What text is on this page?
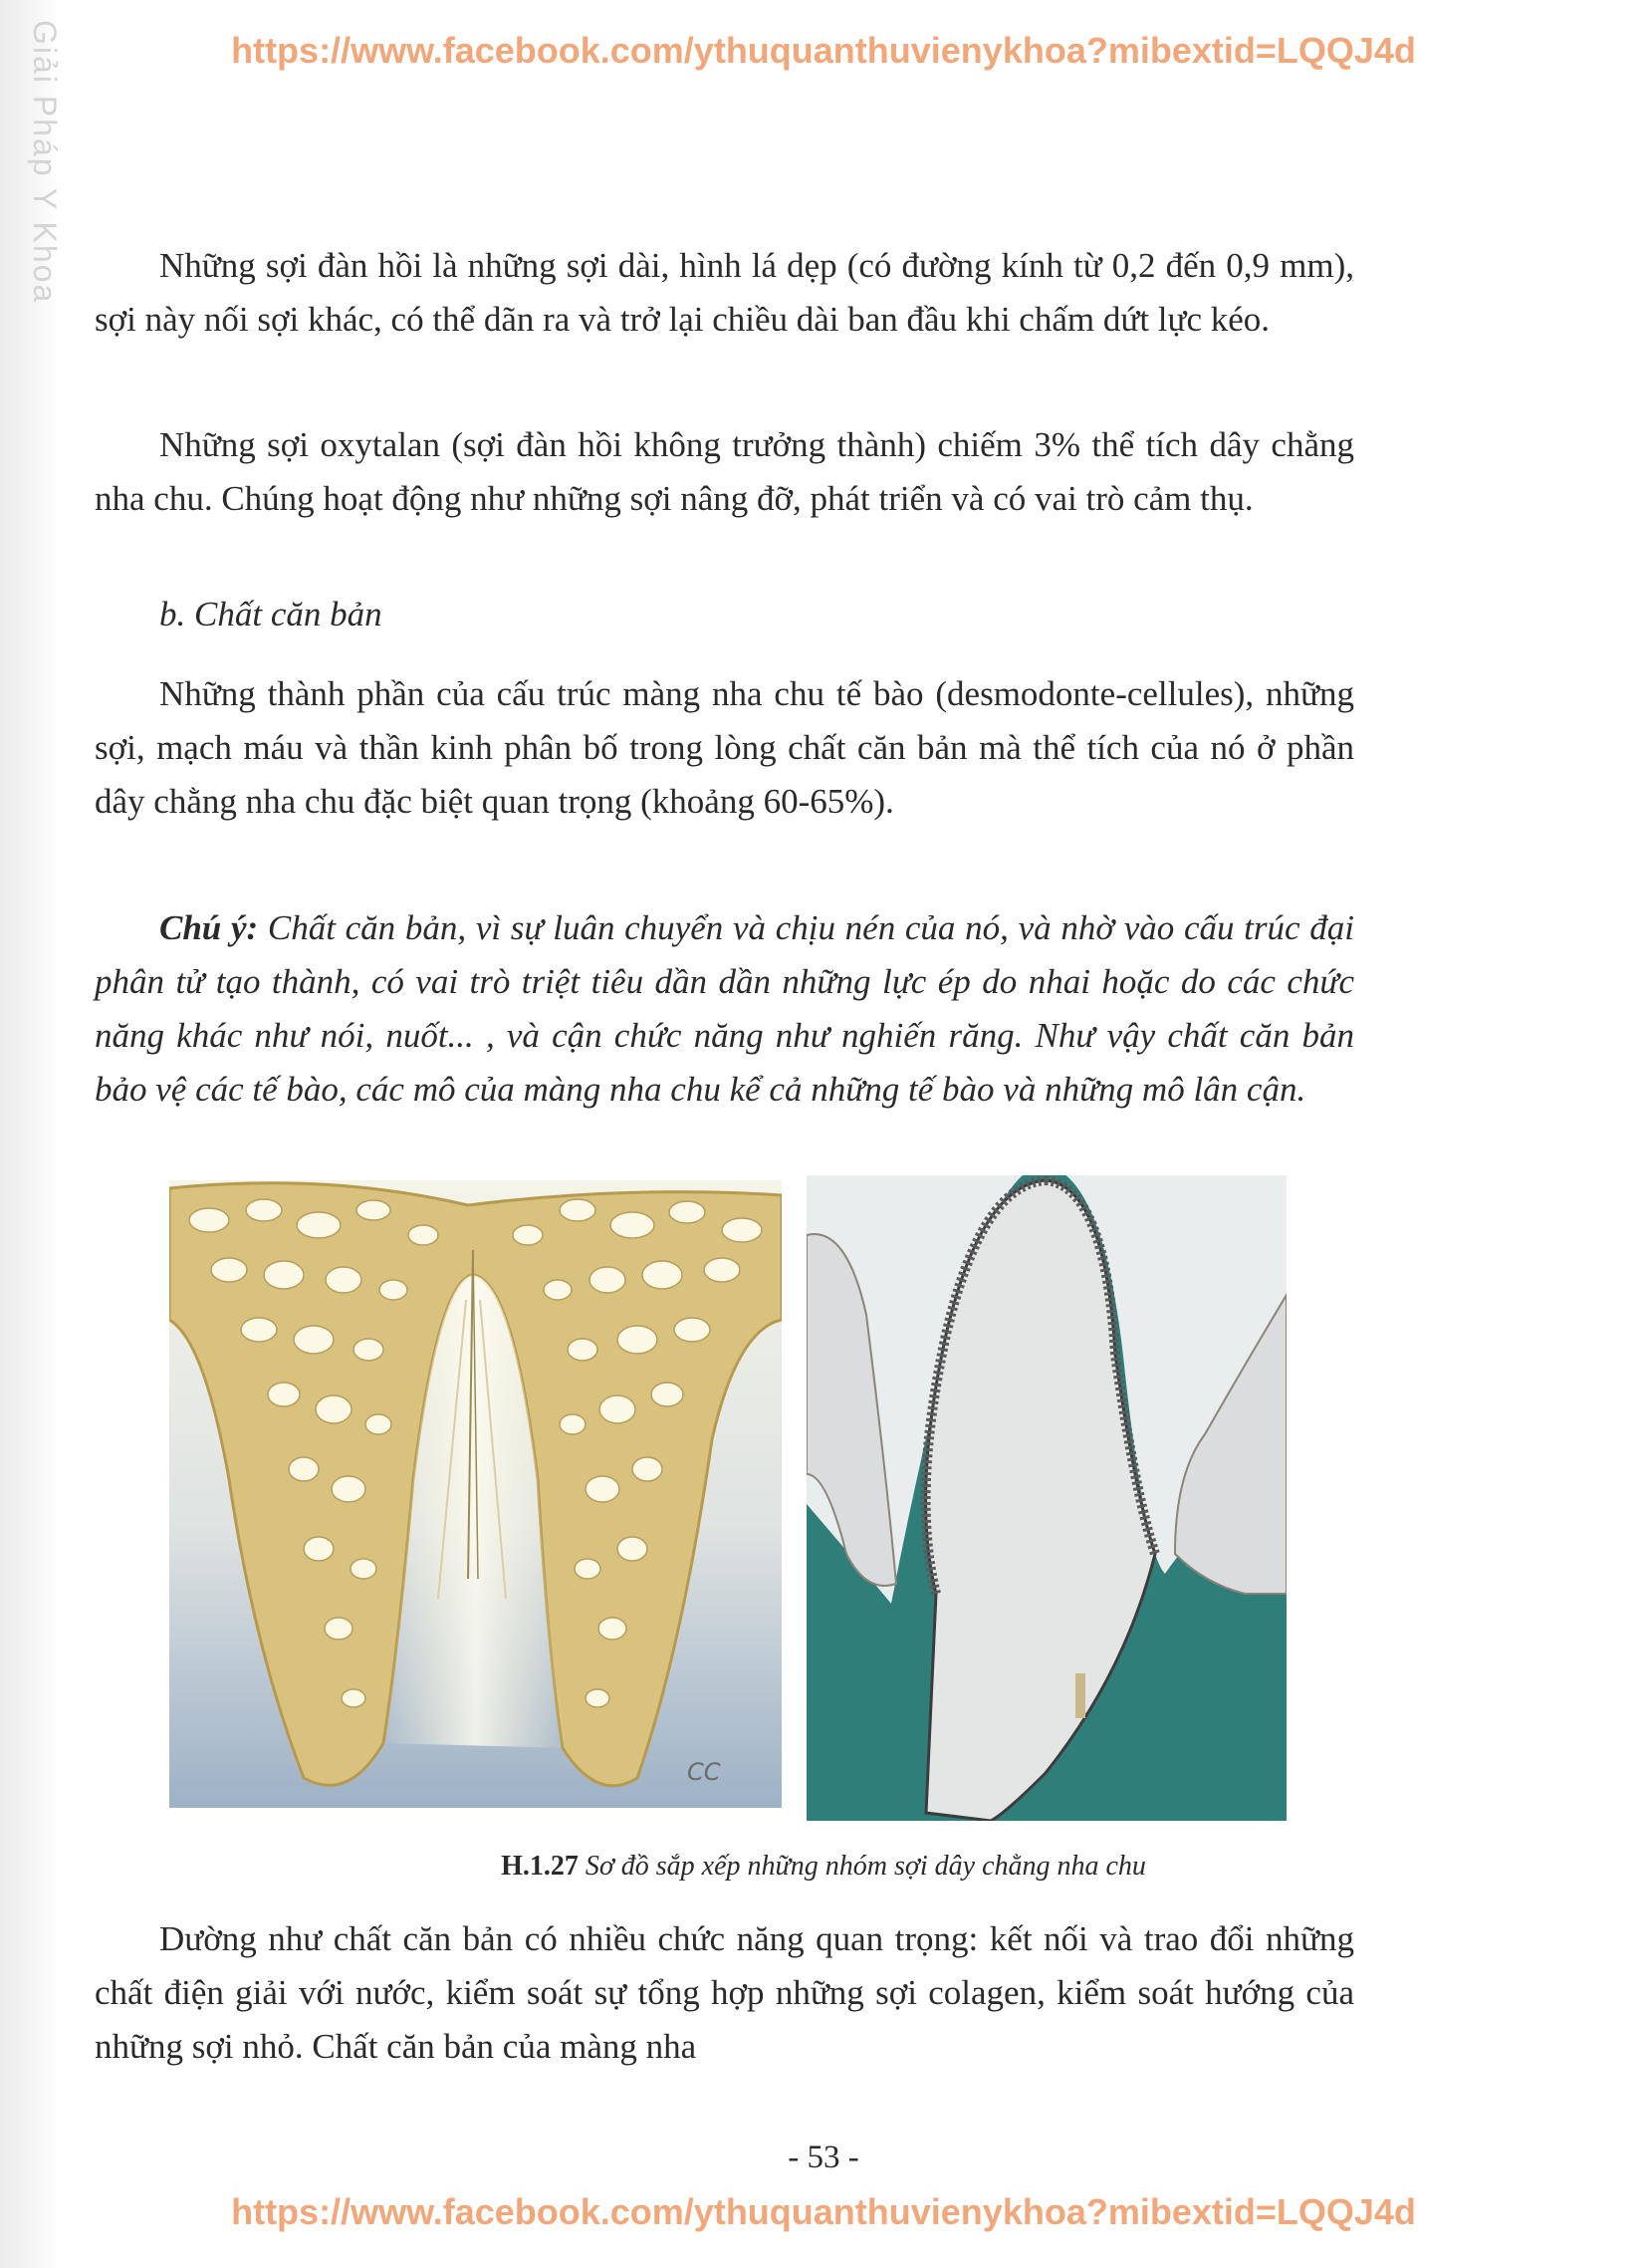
Giải Pháp Y Khoa	https://www.facebook.com/ythuquanthuvienykhoa?mibextid=LQQJ4d
Những sợi đàn hồi là những sợi dài, hình lá dẹp (có đường kính từ 0,2 đến 0,9 mm), sợi này nối sợi khác, có thể dãn ra và trở lại chiều dài ban đầu khi chấm dứt lực kéo.
Những sợi oxytalan (sợi đàn hồi không trưởng thành) chiếm 3% thể tích dây chằng nha chu. Chúng hoạt động như những sợi nâng đỡ, phát triển và có vai trò cảm thụ.
b. Chất căn bản
Những thành phần của cấu trúc màng nha chu tế bào (desmodonte-cellules), những sợi, mạch máu và thần kinh phân bố trong lòng chất căn bản mà thể tích của nó ở phần dây chằng nha chu đặc biệt quan trọng (khoảng 60-65%).
Chú ý: Chất căn bản, vì sự luân chuyển và chịu nén của nó, và nhờ vào cấu trúc đại phân tử tạo thành, có vai trò triệt tiêu dần dần những lực ép do nhai hoặc do các chức năng khác như nói, nuốt... , và cận chức năng như nghiến răng. Như vậy chất căn bản bảo vệ các tế bào, các mô của màng nha chu kể cả những tế bào và những mô lân cận.
CC
H.1.27 Sơ đồ sắp xếp những nhóm sợi dây chằng nha chu
Dường như chất căn bản có nhiều chức năng quan trọng: kết nối và trao đổi những chất điện giải với nước, kiểm soát sự tổng hợp những sợi colagen, kiểm soát hướng của những sợi nhỏ. Chất căn bản của màng nha
- 53 -
https://www.facebook.com/ythuquanthuvienykhoa?mibextid=LQQJ4d
